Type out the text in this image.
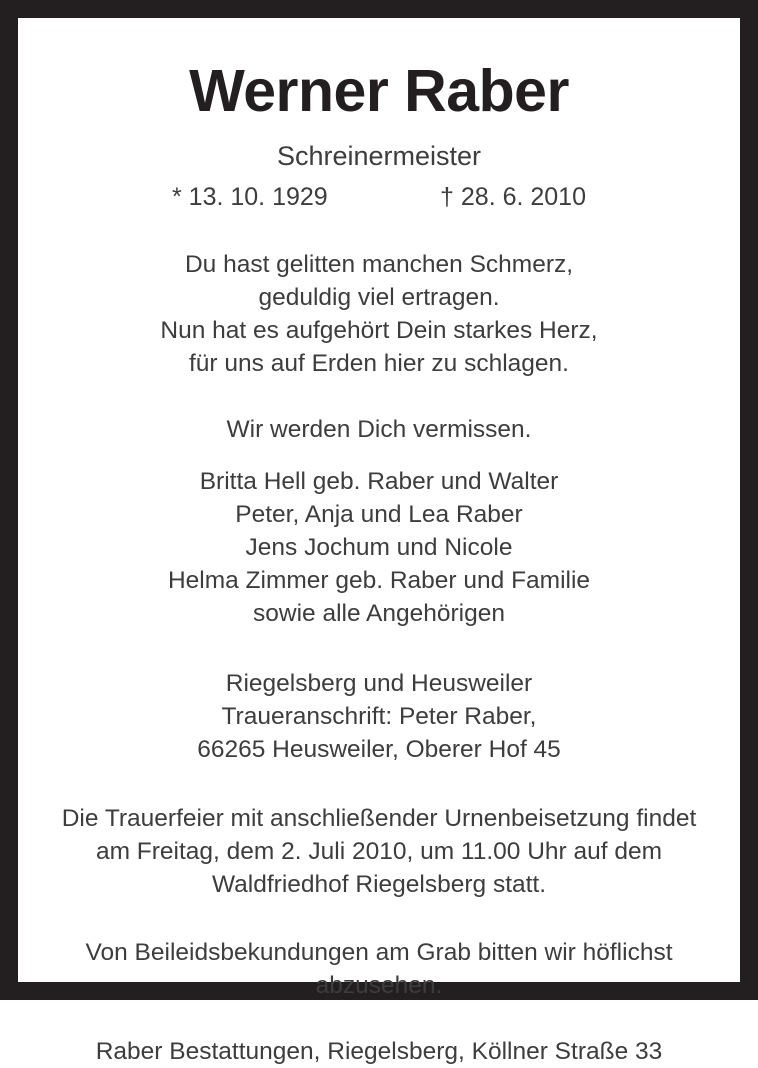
Werner Raber
Schreinermeister
* 13. 10. 1929	† 28. 6. 2010
Du hast gelitten manchen Schmerz,
geduldig viel ertragen.
Nun hat es aufgehört Dein starkes Herz,
für uns auf Erden hier zu schlagen.
Wir werden Dich vermissen.
Britta Hell geb. Raber und Walter
Peter, Anja und Lea Raber
Jens Jochum und Nicole
Helma Zimmer geb. Raber und Familie
sowie alle Angehörigen
Riegelsberg und Heusweiler
Traueranschrift: Peter Raber,
66265 Heusweiler, Oberer Hof 45
Die Trauerfeier mit anschließender Urnenbeisetzung findet
am Freitag, dem 2. Juli 2010, um 11.00 Uhr auf dem
Waldfriedhof Riegelsberg statt.
Von Beileidsbekundungen am Grab bitten wir höflichst
abzusehen.
Raber Bestattungen, Riegelsberg, Köllner Straße 33
